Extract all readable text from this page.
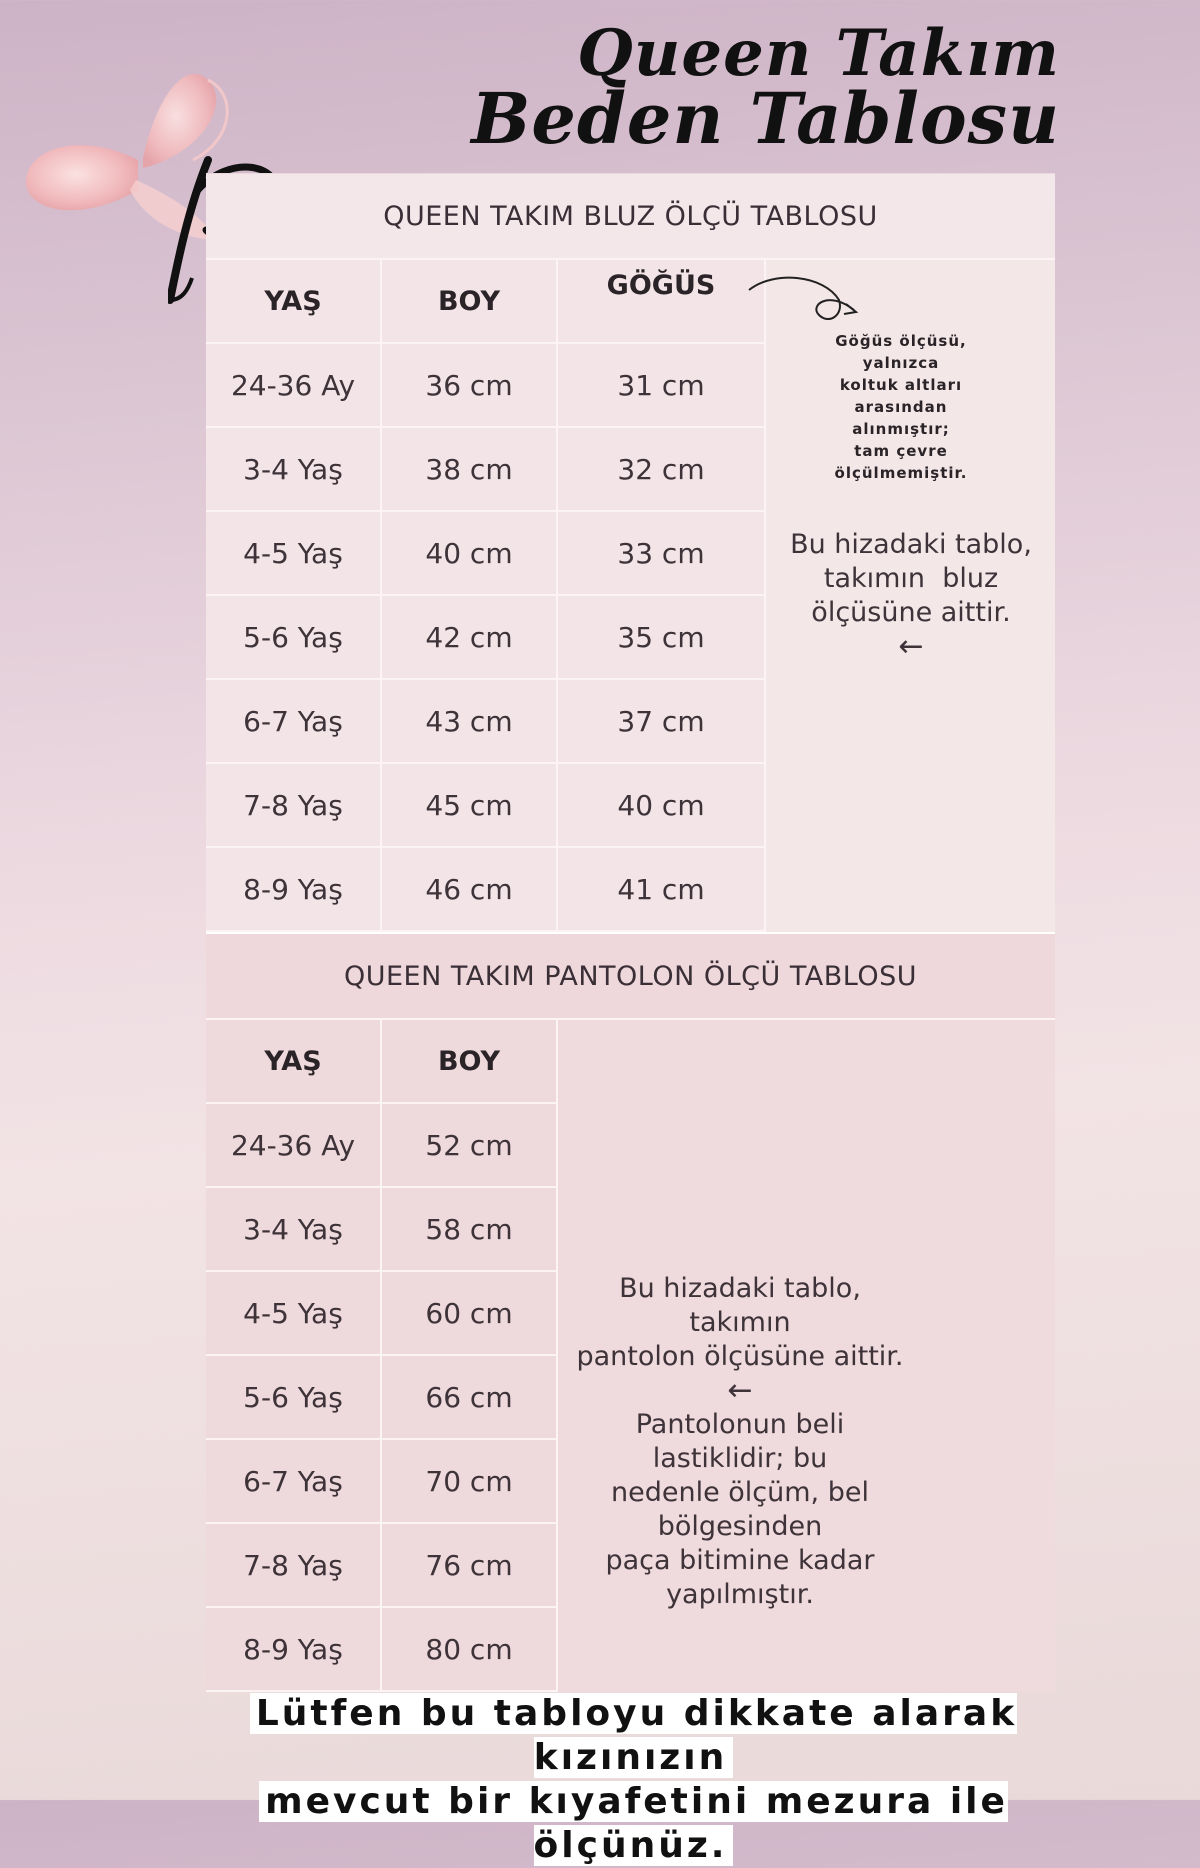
Queen Takım
Beden Tablosu
QUEEN TAKIM BLUZ ÖLÇÜ TABLOSU
YAŞ
24-36 Ay
3-4 Yaş
4-5 Yaş
5-6 Yaş
6-7 Yaş
7-8 Yaş
8-9 Yaş
BOY
36 cm
38 cm
40 cm
42 cm
43 cm
45 cm
46 cm
GÖĞÜS
31 cm
32 cm
33 cm
35 cm
37 cm
40 cm
41 cm
Göğüs ölçüsü,
yalnızca
koltuk altları
arasından
alınmıştır;
tam çevre
ölçülmemiştir.
Bu hizadaki tablo,
takımın  bluz
ölçüsüne aittir.
←
QUEEN TAKIM PANTOLON ÖLÇÜ TABLOSU
YAŞ
24-36 Ay
3-4 Yaş
4-5 Yaş
5-6 Yaş
6-7 Yaş
7-8 Yaş
8-9 Yaş
BOY
52 cm
58 cm
60 cm
66 cm
70 cm
76 cm
80 cm
Bu hizadaki tablo, takımın
pantolon ölçüsüne aittir.
←
Pantolonun beli lastiklidir; bu
nedenle ölçüm, bel bölgesinden
paça bitimine kadar yapılmıştır.
Lütfen bu tabloyu dikkate alarak kızınızın
mevcut bir kıyafetini mezura ile ölçünüz.
